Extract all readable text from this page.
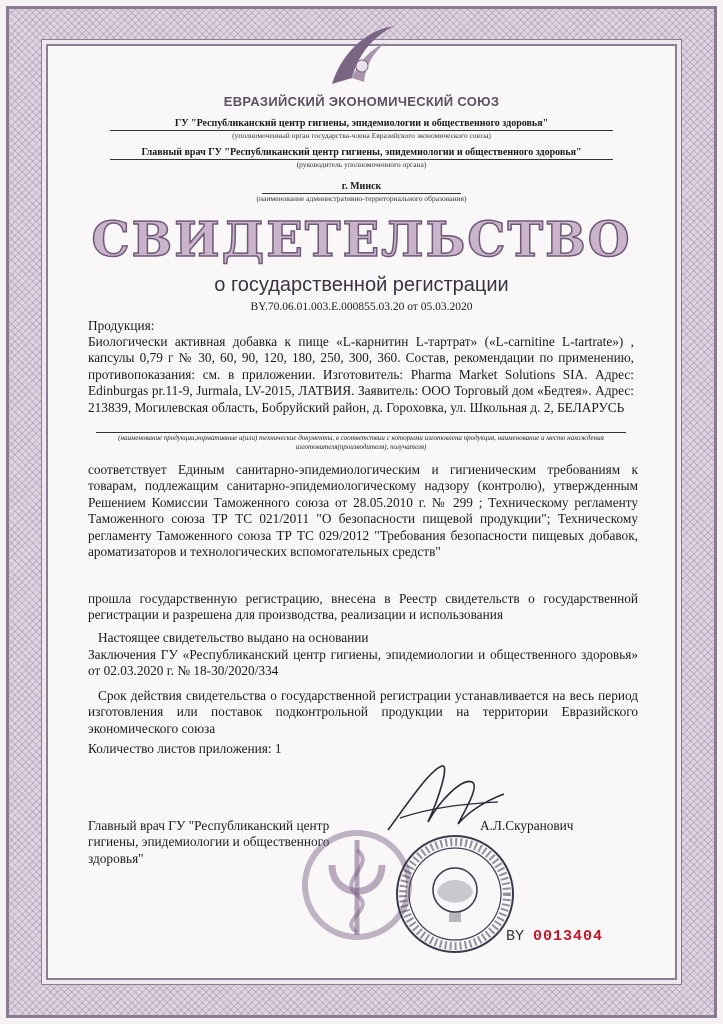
ЕВРАЗИЙСКИЙ ЭКОНОМИЧЕСКИЙ СОЮЗ
ГУ "Республиканский центр гигиены, эпидемиологии и общественного здоровья"
(уполномоченный орган государства-члена Евразийского экономического союза)
Главный врач ГУ "Республиканский центр гигиены, эпидемиологии и общественного здоровья"
(руководитель уполномоченного органа)
г. Минск
(наименование административно-территориального образования)
СВИДЕТЕЛЬСТВО
о государственной регистрации
BY.70.06.01.003.E.000855.03.20 от 05.03.2020
Продукция:
Биологически активная добавка к пище «L-карнитин L-тартрат» («L-carnitine L-tartrate») , капсулы 0,79 г № 30, 60, 90, 120, 180, 250, 300, 360. Состав, рекомендации по применению, противопоказания: см. в приложении. Изготовитель: Pharma Market Solutions SIA. Адрес: Edinburgas pr.11-9, Jurmala, LV-2015, ЛАТВИЯ. Заявитель: ООО Торговый дом «Бедтея». Адрес: 213839, Могилевская область, Бобруйский район, д. Гороховка, ул. Школьная д. 2, БЕЛАРУСЬ
(наименование продукции,нормативные и(или) технические документы, в соответствии с которыми изготовлена продукция, наименование и место нахождения изготовителя(производителя), получателя)
соответствует Единым санитарно-эпидемиологическим и гигиеническим требованиям к товарам, подлежащим санитарно-эпидемиологическому надзору (контролю), утвержденным Решением Комиссии Таможенного союза от 28.05.2010 г. № 299 ; Техническому регламенту Таможенного союза ТР ТС 021/2011 "О безопасности пищевой продукции"; Техническому регламенту Таможенного союза ТР ТС 029/2012 "Требования безопасности пищевых добавок, ароматизаторов и технологических вспомогательных средств"
прошла государственную регистрацию, внесена в Реестр свидетельств о государственной регистрации и разрешена для производства, реализации и использования
Настоящее свидетельство выдано на основании
Заключения ГУ «Республиканский центр гигиены, эпидемиологии и общественного здоровья» от 02.03.2020 г. № 18-30/2020/334
Срок действия свидетельства о государственной регистрации устанавливается на весь период изготовления или поставок подконтрольной продукции на территории Евразийского экономического союза
Количество листов приложения: 1
Главный врач ГУ "Республиканский центр гигиены, эпидемиологии и общественного здоровья"
А.Л.Скуранович
BY 0013404
